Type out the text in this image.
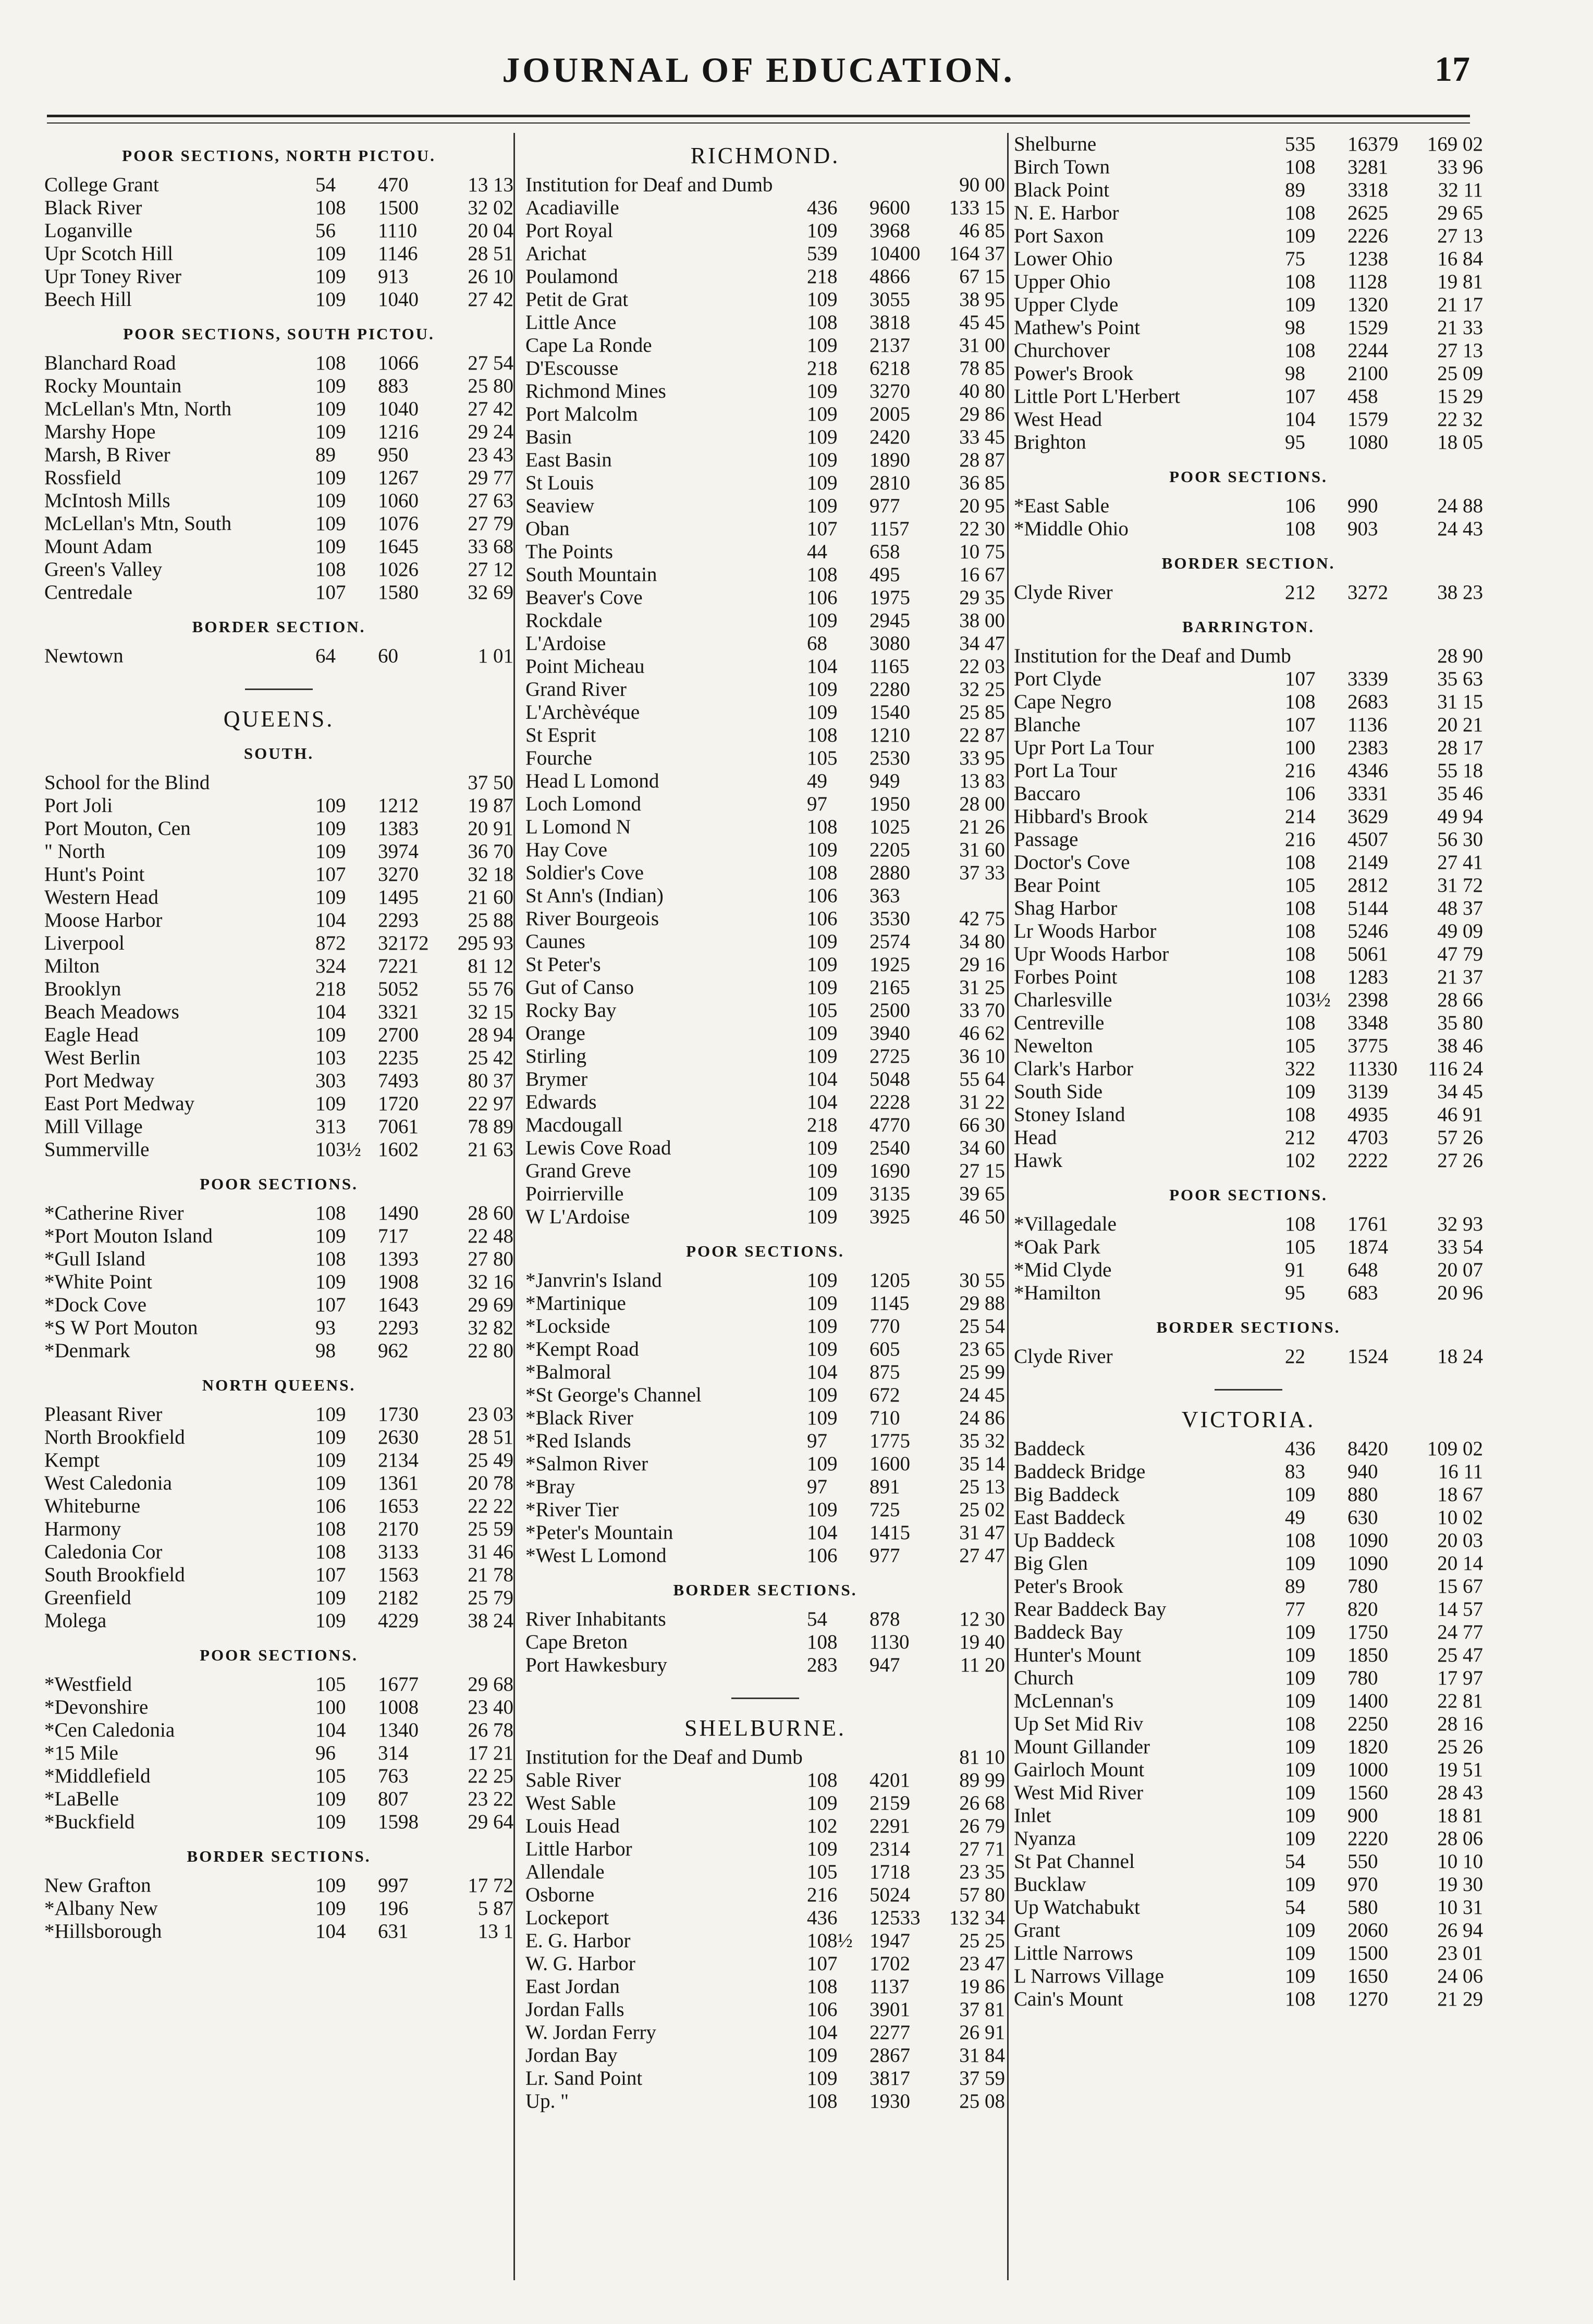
JOURNAL OF EDUCATION.	17
POOR SECTIONS, NORTH PICTOU.
College Grant	54	470	13 13
Black River	108	1500	32 02
Loganville	56	1110	20 04
Upr Scotch Hill	109	1146	28 51
Upr Toney River	109	913	26 10
Beech Hill	109	1040	27 42
POOR SECTIONS, SOUTH PICTOU.
Blanchard Road	108	1066	27 54
Rocky Mountain	109	883	25 80
McLellan's Mtn, North	109	1040	27 42
Marshy Hope	109	1216	29 24
Marsh, B River	89	950	23 43
Rossfield	109	1267	29 77
McIntosh Mills	109	1060	27 63
McLellan's Mtn, South	109	1076	27 79
Mount Adam	109	1645	33 68
Green's Valley	108	1026	27 12
Centredale	107	1580	32 69
BORDER SECTION.
Newtown	64	60	1 01
QUEENS.
SOUTH.
School for the Blind	37 50
Port Joli	109	1212	19 87
Port Mouton, Cen	109	1383	20 91
" North	109	3974	36 70
Hunt's Point	107	3270	32 18
Western Head	109	1495	21 60
Moose Harbor	104	2293	25 88
Liverpool	872	32172	295 93
Milton	324	7221	81 12
Brooklyn	218	5052	55 76
Beach Meadows	104	3321	32 15
Eagle Head	109	2700	28 94
West Berlin	103	2235	25 42
Port Medway	303	7493	80 37
East Port Medway	109	1720	22 97
Mill Village	313	7061	78 89
Summerville	103½ 1602	21 63
POOR SECTIONS.
*Catherine River	108	1490	28 60
*Port Mouton Island	109	717	22 48
*Gull Island	108	1393	27 80
*White Point	109	1908	32 16
*Dock Cove	107	1643	29 69
*S W Port Mouton	93	2293	32 82
*Denmark	98	962	22 80
NORTH QUEENS.
Pleasant River	109	1730	23 03
North Brookfield	109	2630	28 51
Kempt	109	2134	25 49
West Caledonia	109	1361	20 78
Whiteburne	106	1653	22 22
Harmony	108	2170	25 59
Caledonia Cor	108	3133	31 46
South Brookfield	107	1563	21 78
Greenfield	109	2182	25 79
Molega	109	4229	38 24
POOR SECTIONS.
*Westfield	105	1677	29 68
*Devonshire	100	1008	23 40
*Cen Caledonia	104	1340	26 78
*15 Mile	96	314	17 21
*Middlefield	105	763	22 25
*LaBelle	109	807	23 22
*Buckfield	109	1598	29 64
BORDER SECTIONS.
New Grafton	109	997	17 72
*Albany New	109	196	5 87
*Hillsborough	104	631	13 1
RICHMOND.
Institution for Deaf and Dumb	90 00
Acadiaville	436	9600	133 15
Port Royal	109	3968	46 85
Arichat	539	10400	164 37
Poulamond	218	4866	67 15
Petit de Grat	109	3055	38 95
Little Ance	108	3818	45 45
Cape La Ronde	109	2137	31 00
D'Escousse	218	6218	78 85
Richmond Mines	109	3270	40 80
Port Malcolm	109	2005	29 86
Basin	109	2420	33 45
East Basin	109	1890	28 87
St Louis	109	2810	36 85
Seaview	109	977	20 95
Oban	107	1157	22 30
The Points	44	658	10 75
South Mountain	108	495	16 67
Beaver's Cove	106	1975	29 35
Rockdale	109	2945	38 00
L'Ardoise	68	3080	34 47
Point Micheau	104	1165	22 03
Grand River	109	2280	32 25
L'Archèvéque	109	1540	25 85
St Esprit	108	1210	22 87
Fourche	105	2530	33 95
Head L Lomond	49	949	13 83
Loch Lomond	97	1950	28 00
L Lomond N	108	1025	21 26
Hay Cove	109	2205	31 60
Soldier's Cove	108	2880	37 33
St Ann's (Indian)	106	363
River Bourgeois	106	3530	42 75
Caunes	109	2574	34 80
St Peter's	109	1925	29 16
Gut of Canso	109	2165	31 25
Rocky Bay	105	2500	33 70
Orange	109	3940	46 62
Stirling	109	2725	36 10
Brymer	104	5048	55 64
Edwards	104	2228	31 22
Macdougall	218	4770	66 30
Lewis Cove Road	109	2540	34 60
Grand Greve	109	1690	27 15
Poirrierville	109	3135	39 65
W L'Ardoise	109	3925	46 50
POOR SECTIONS.
*Janvrin's Island	109	1205	30 55
*Martinique	109	1145	29 88
*Lockside	109	770	25 54
*Kempt Road	109	605	23 65
*Balmoral	104	875	25 99
*St George's Channel	109	672	24 45
*Black River	109	710	24 86
*Red Islands	97	1775	35 32
*Salmon River	109	1600	35 14
*Bray	97	891	25 13
*River Tier	109	725	25 02
*Peter's Mountain	104	1415	31 47
*West L Lomond	106	977	27 47
BORDER SECTIONS.
River Inhabitants	54	878	12 30
Cape Breton	108	1130	19 40
Port Hawkesbury	283	947	11 20
SHELBURNE.
Institution for the Deaf and Dumb	81 10
Sable River	108	4201	89 99
West Sable	109	2159	26 68
Louis Head	102	2291	26 79
Little Harbor	109	2314	27 71
Allendale	105	1718	23 35
Osborne	216	5024	57 80
Lockeport	436	12533	132 34
E. G. Harbor	108½ 1947	25 25
W. G. Harbor	107	1702	23 47
East Jordan	108	1137	19 86
Jordan Falls	106	3901	37 81
W. Jordan Ferry	104	2277	26 91
Jordan Bay	109	2867	31 84
Lr. Sand Point	109	3817	37 59
Up. "	108	1930	25 08
Shelburne	535	16379	169 02
Birch Town	108	3281	33 96
Black Point	89	3318	32 11
N. E. Harbor	108	2625	29 65
Port Saxon	109	2226	27 13
Lower Ohio	75	1238	16 84
Upper Ohio	108	1128	19 81
Upper Clyde	109	1320	21 17
Mathew's Point	98	1529	21 33
Churchover	108	2244	27 13
Power's Brook	98	2100	25 09
Little Port L'Herbert	107	458	15 29
West Head	104	1579	22 32
Brighton	95	1080	18 05
POOR SECTIONS.
*East Sable	106	990	24 88
*Middle Ohio	108	903	24 43
BORDER SECTION.
Clyde River	212	3272	38 23
BARRINGTON.
Institution for the Deaf and Dumb	28 90
Port Clyde	107	3339	35 63
Cape Negro	108	2683	31 15
Blanche	107	1136	20 21
Upr Port La Tour	100	2383	28 17
Port La Tour	216	4346	55 18
Baccaro	106	3331	35 46
Hibbard's Brook	214	3629	49 94
Passage	216	4507	56 30
Doctor's Cove	108	2149	27 41
Bear Point	105	2812	31 72
Shag Harbor	108	5144	48 37
Lr Woods Harbor	108	5246	49 09
Upr Woods Harbor	108	5061	47 79
Forbes Point	108	1283	21 37
Charlesville	103½ 2398	28 66
Centreville	108	3348	35 80
Newelton	105	3775	38 46
Clark's Harbor	322	11330	116 24
South Side	109	3139	34 45
Stoney Island	108	4935	46 91
Head	212	4703	57 26
Hawk	102	2222	27 26
POOR SECTIONS.
*Villagedale	108	1761	32 93
*Oak Park	105	1874	33 54
*Mid Clyde	91	648	20 07
*Hamilton	95	683	20 96
BORDER SECTIONS.
Clyde River	22	1524	18 24
VICTORIA.
Baddeck	436	8420	109 02
Baddeck Bridge	83	940	16 11
Big Baddeck	109	880	18 67
East Baddeck	49	630	10 02
Up Baddeck	108	1090	20 03
Big Glen	109	1090	20 14
Peter's Brook	89	780	15 67
Rear Baddeck Bay	77	820	14 57
Baddeck Bay	109	1750	24 77
Hunter's Mount	109	1850	25 47
Church	109	780	17 97
McLennan's	109	1400	22 81
Up Set Mid Riv	108	2250	28 16
Mount Gillander	109	1820	25 26
Gairloch Mount	109	1000	19 51
West Mid River	109	1560	28 43
Inlet	109	900	18 81
Nyanza	109	2220	28 06
St Pat Channel	54	550	10 10
Bucklaw	109	970	19 30
Up Watchabukt	54	580	10 31
Grant	109	2060	26 94
Little Narrows	109	1500	23 01
L Narrows Village	109	1650	24 06
Cain's Mount	108	1270	21 29
